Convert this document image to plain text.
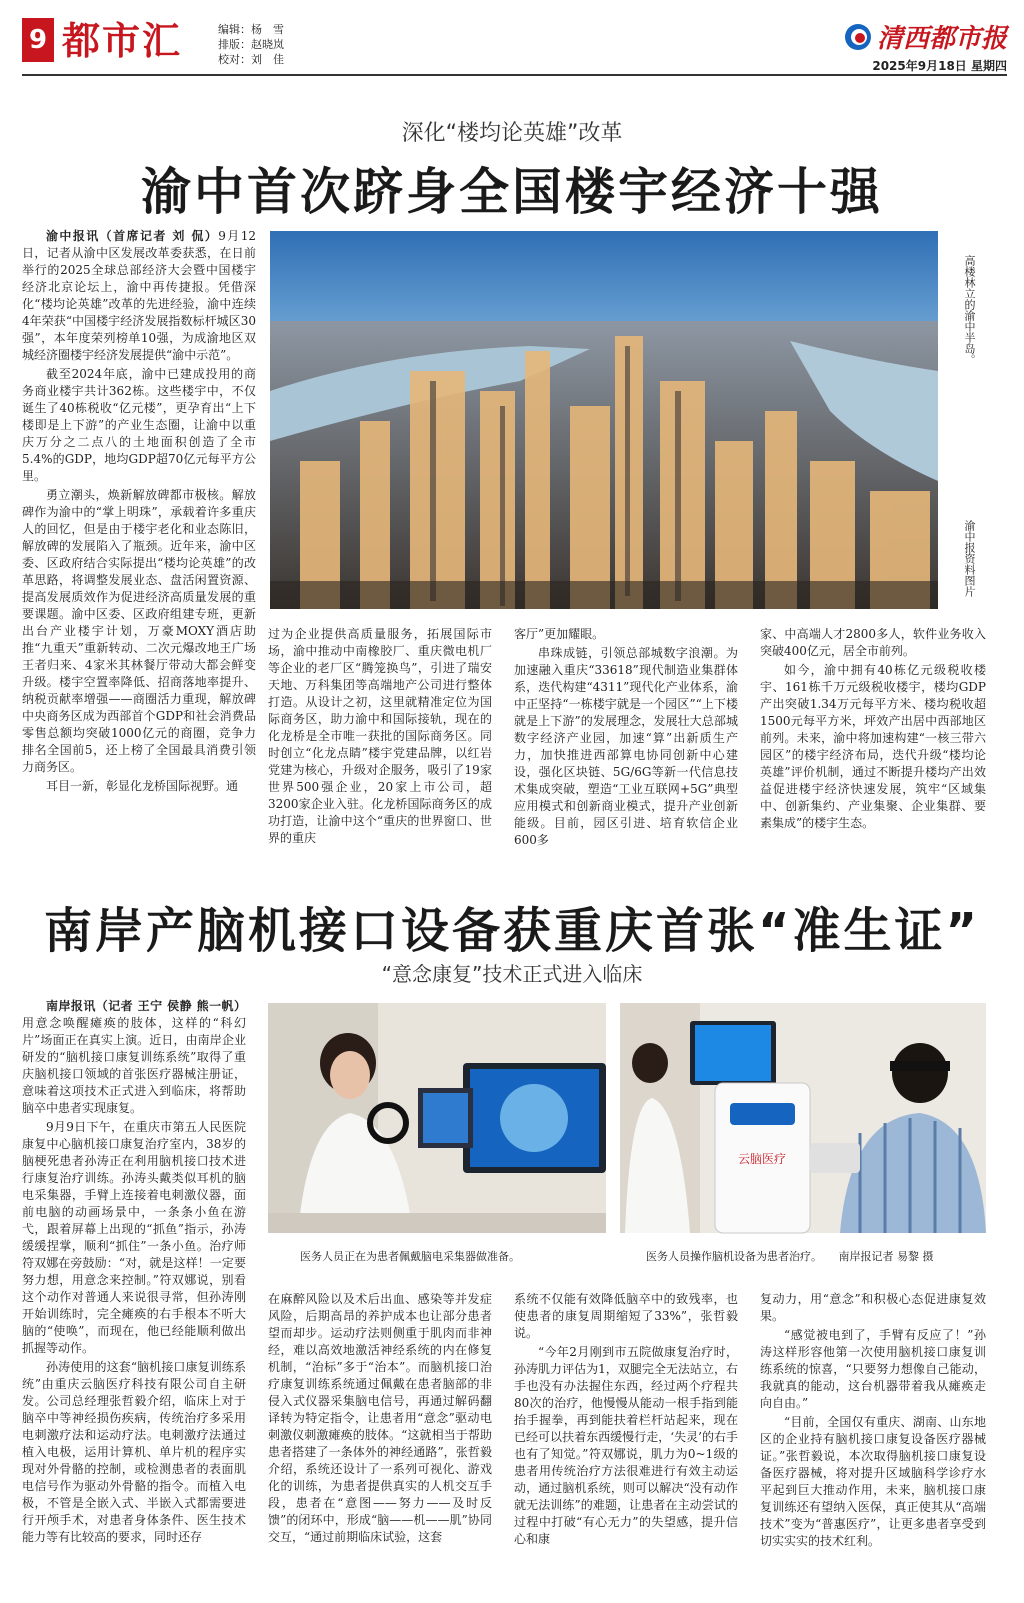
9 都市汇	编辑：杨　雪
排版：赵晓岚
校对：刘　佳
清西都市报
2025年9月18日 星期四
深化“楼均论英雄”改革
渝中首次跻身全国楼宇经济十强

渝中报讯（首席记者 刘 侃）9月12日，记者从渝中区发展改革委获悉，在日前举行的2025全球总部经济大会暨中国楼宇经济北京论坛上，渝中再传捷报。凭借深化“楼均论英雄”改革的先进经验，渝中连续4年荣获“中国楼宇经济发展指数标杆城区30强”，本年度荣列榜单10强，为成渝地区双城经济圈楼宇经济发展提供“渝中示范”。

截至2024年底，渝中已建成投用的商务商业楼宇共计362栋。这些楼宇中，不仅诞生了40栋税收“亿元楼”，更孕育出“上下楼即是上下游”的产业生态圈，让渝中以重庆万分之二点八的土地面积创造了全市5.4%的GDP，地均GDP超70亿元每平方公里。

勇立潮头，焕新解放碑都市极核。解放碑作为渝中的“掌上明珠”，承载着许多重庆人的回忆，但是由于楼宇老化和业态陈旧，解放碑的发展陷入了瓶颈。近年来，渝中区委、区政府结合实际提出“楼均论英雄”的改革思路，将调整发展业态、盘活闲置资源、提高发展质效作为促进经济高质量发展的重要课题。渝中区委、区政府组建专班，更新出台产业楼宇计划，万豪MOXY酒店助推“九重天”重新转动、二次元爆改地王广场王者归来、4家米其林餐厅带动大都会鲜变升级。楼宇空置率降低、招商落地率提升、纳税贡献率增强——商圈活力重现，解放碑中央商务区成为西部首个GDP和社会消费品零售总额均突破1000亿元的商圈，竞争力排名全国前5，还上榜了全国最具消费引领力商务区。

耳目一新，彰显化龙桥国际视野。通

高楼林立的渝中半岛。
渝中报资料图片

过为企业提供高质量服务，拓展国际市场，渝中推动中南橡胶厂、重庆微电机厂等企业的老厂区“腾笼换鸟”，引进了瑞安天地、万科集团等高端地产公司进行整体打造。从设计之初，这里就精准定位为国际商务区，助力渝中和国际接轨，现在的化龙桥是全市唯一获批的国际商务区。同时创立“化龙点睛”楼宇党建品牌，以红岩党建为核心，升级对企服务，吸引了19家世界500强企业，20家上市公司，超3200家企业入驻。化龙桥国际商务区的成功打造，让渝中这个“重庆的世界窗口、世界的重庆

客厅”更加耀眼。

串珠成链，引领总部城数字浪潮。为加速融入重庆“33618”现代制造业集群体系，迭代构建“4311”现代化产业体系，渝中正坚持“一栋楼宇就是一个园区”“上下楼就是上下游”的发展理念，发展壮大总部城数字经济产业园，加速“算”出新质生产力，加快推进西部算电协同创新中心建设，强化区块链、5G/6G等新一代信息技术集成突破，塑造“工业互联网+5G”典型应用模式和创新商业模式，提升产业创新能级。目前，园区引进、培育软信企业600多

家、中高端人才2800多人，软件业务收入突破400亿元，居全市前列。

如今，渝中拥有40栋亿元级税收楼宇、161栋千万元级税收楼宇，楼均GDP产出突破1.34万元每平方米、楼均税收超1500元每平方米，坪效产出居中西部地区前列。未来，渝中将加速构建“一核三带六园区”的楼宇经济布局，迭代升级“楼均论英雄”评价机制，通过不断提升楼均产出效益促进楼宇经济快速发展，筑牢“区域集中、创新集约、产业集聚、企业集群、要素集成”的楼宇生态。

南岸产脑机接口设备获重庆首张“准生证”
“意念康复”技术正式进入临床

南岸报讯（记者 王宁 侯静 熊一帆）用意念唤醒瘫痪的肢体，这样的“科幻片”场面正在真实上演。近日，由南岸企业研发的“脑机接口康复训练系统”取得了重庆脑机接口领域的首张医疗器械注册证，意味着这项技术正式进入到临床，将帮助脑卒中患者实现康复。

9月9日下午，在重庆市第五人民医院康复中心脑机接口康复治疗室内，38岁的脑梗死患者孙涛正在利用脑机接口技术进行康复治疗训练。孙涛头戴类似耳机的脑电采集器，手臂上连接着电刺激仪器，面前电脑的动画场景中，一条条小鱼在游弋，跟着屏幕上出现的“抓鱼”指示，孙涛缓缓捏掌，顺利“抓住”一条小鱼。治疗师符双娜在旁鼓励：“对，就是这样！一定要努力想，用意念来控制。”符双娜说，别看这个动作对普通人来说很寻常，但孙涛刚开始训练时，完全瘫痪的右手根本不听大脑的“使唤”，而现在，他已经能顺利做出抓握等动作。

孙涛使用的这套“脑机接口康复训练系统”由重庆云脑医疗科技有限公司自主研发。公司总经理张哲毅介绍，临床上对于脑卒中等神经损伤疾病，传统治疗多采用电刺激疗法和运动疗法。电刺激疗法通过植入电极，运用计算机、单片机的程序实现对外骨骼的控制，或检测患者的表面肌电信号作为驱动外骨骼的指令。而植入电极，不管是全嵌入式、半嵌入式都需要进行开颅手术，对患者身体条件、医生技术能力等有比较高的要求，同时还存

云脑医疗
医务人员正在为患者佩戴脑电采集器做准备。	医务人员操作脑机设备为患者治疗。　　南岸报记者 易黎 摄

在麻醉风险以及术后出血、感染等并发症风险，后期高昂的养护成本也让部分患者望而却步。运动疗法则侧重于肌肉而非神经，难以高效地激活神经系统的内在修复机制，“治标”多于“治本”。而脑机接口治疗康复训练系统通过佩戴在患者脑部的非侵入式仪器采集脑电信号，再通过解码翻译转为特定指令，让患者用“意念”驱动电刺激仪刺激瘫痪的肢体。“这就相当于帮助患者搭建了一条体外的神经通路”，张哲毅介绍，系统还设计了一系列可视化、游戏化的训练，为患者提供真实的人机交互手段，患者在“意图——努力——及时反馈”的闭环中，形成“脑——机——肌”协同交互，“通过前期临床试验，这套

系统不仅能有效降低脑卒中的致残率，也使患者的康复周期缩短了33%”，张哲毅说。

“今年2月刚到市五院做康复治疗时，孙涛肌力评估为1，双腿完全无法站立，右手也没有办法握住东西，经过两个疗程共80次的治疗，他慢慢从能动一根手指到能抬手握拳，再到能扶着栏杆站起来，现在已经可以扶着东西缓慢行走，‘失灵’的右手也有了知觉。”符双娜说，肌力为0~1级的患者用传统治疗方法很难进行有效主动运动，通过脑机系统，则可以解决“没有动作就无法训练”的难题，让患者在主动尝试的过程中打破“有心无力”的失望感，提升信心和康

复动力，用“意念”和积极心态促进康复效果。

“感觉被电到了，手臂有反应了！”孙涛这样形容他第一次使用脑机接口康复训练系统的惊喜，“只要努力想像自己能动，我就真的能动，这台机器带着我从瘫痪走向自由。”

“目前，全国仅有重庆、湖南、山东地区的企业持有脑机接口康复设备医疗器械证。”张哲毅说，本次取得脑机接口康复设备医疗器械，将对提升区域脑科学诊疗水平起到巨大推动作用，未来，脑机接口康复训练还有望纳入医保，真正使其从“高端技术”变为“普惠医疗”，让更多患者享受到切实实实的技术红利。
